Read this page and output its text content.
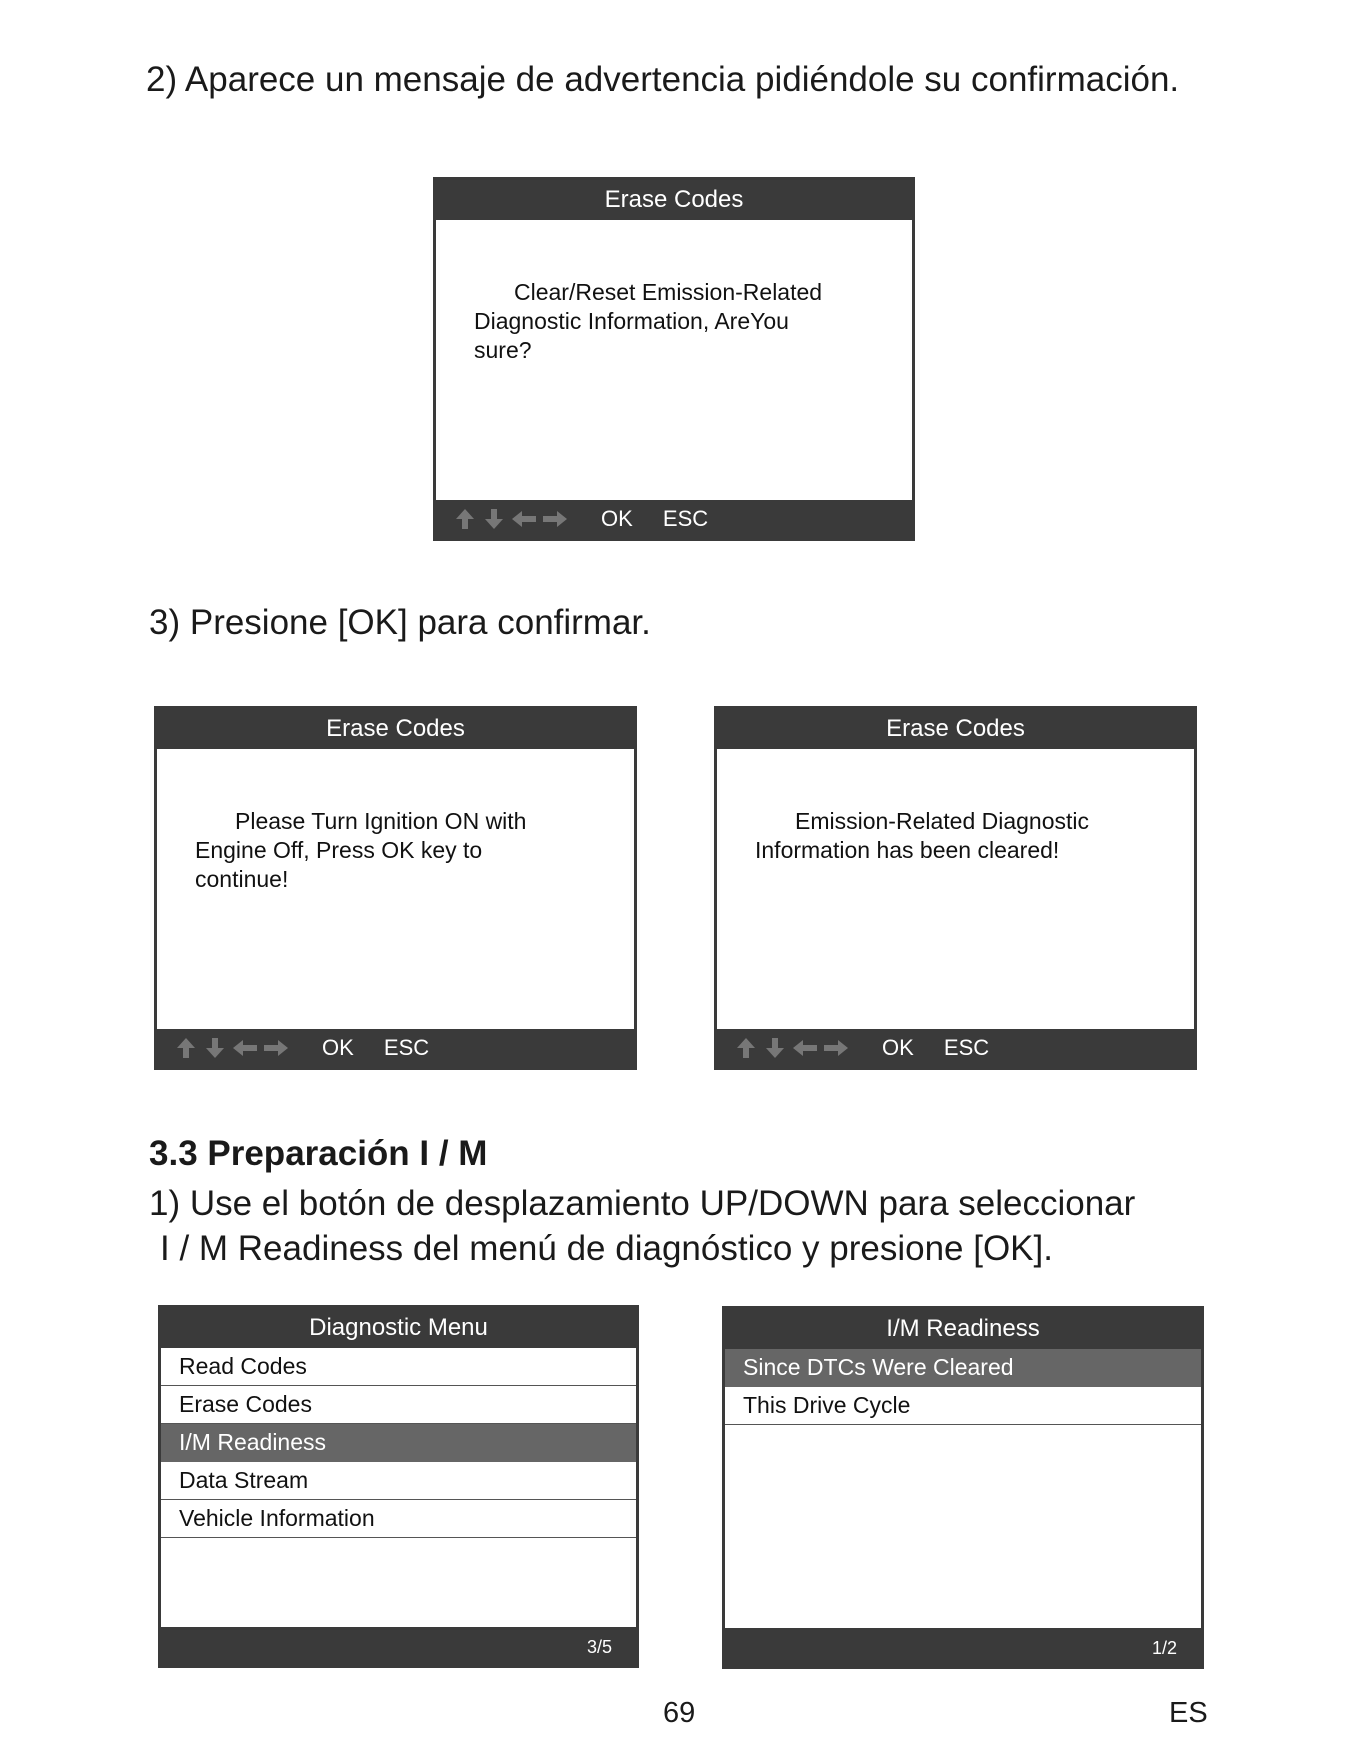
2) Aparece un mensaje de advertencia pidiéndole su confirmación.
Erase Codes
Clear/Reset Emission-Related
Diagnostic Information, AreYou
sure?
OK ESC
3) Presione [OK] para confirmar.
Erase Codes
Please Turn Ignition ON with
Engine Off, Press OK key to
continue!
OK ESC
Erase Codes
Emission-Related Diagnostic
Information has been cleared!
OK ESC
3.3 Preparación I / M
1) Use el botón de desplazamiento UP/DOWN para seleccionar
I / M Readiness del menú de diagnóstico y presione [OK].
Diagnostic Menu
Read Codes
Erase Codes
I/M Readiness
Data Stream
Vehicle Information
3/5
I/M Readiness
Since DTCs Were Cleared
This Drive Cycle
1/2
69	ES
